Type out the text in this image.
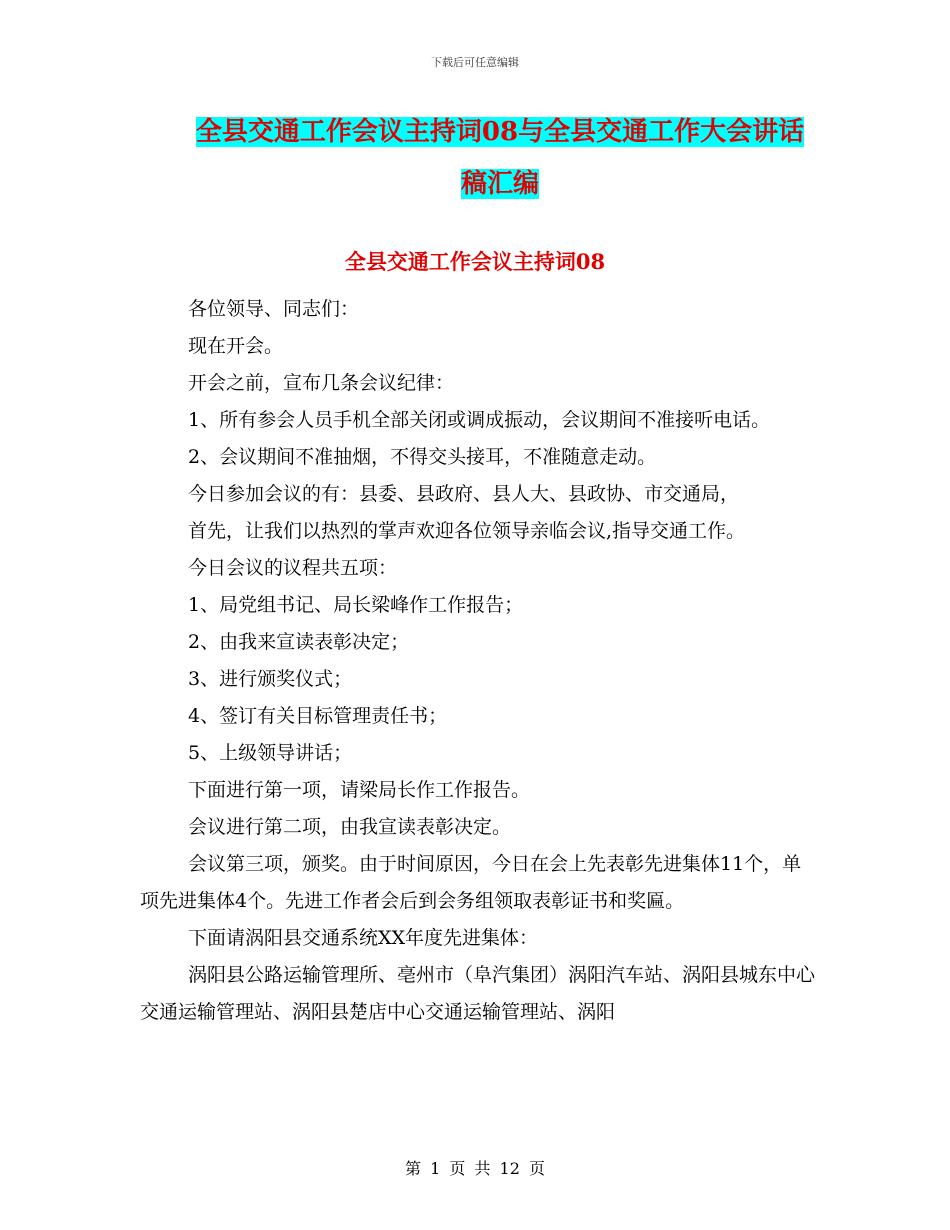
下载后可任意编辑
全县交通工作会议主持词08与全县交通工作大会讲话
稿汇编
全县交通工作会议主持词08

各位领导、同志们：

现在开会。

开会之前，宣布几条会议纪律：

1、所有参会人员手机全部关闭或调成振动，会议期间不准接听电话。

2、会议期间不准抽烟，不得交头接耳，不准随意走动。

今日参加会议的有：县委、县政府、县人大、县政协、市交通局，

首先，让我们以热烈的掌声欢迎各位领导亲临会议,指导交通工作。

今日会议的议程共五项：

1、局党组书记、局长梁峰作工作报告；

2、由我来宣读表彰决定；

3、进行颁奖仪式；

4、签订有关目标管理责任书；

5、上级领导讲话；

下面进行第一项，请梁局长作工作报告。

会议进行第二项，由我宣读表彰决定。

会议第三项，颁奖。由于时间原因，今日在会上先表彰先进集体11个，单项先进集体4个。先进工作者会后到会务组领取表彰证书和奖匾。

下面请涡阳县交通系统XX年度先进集体：

涡阳县公路运输管理所、亳州市（阜汽集团）涡阳汽车站、涡阳县城东中心交通运输管理站、涡阳县楚店中心交通运输管理站、涡阳

第 1 页 共 12 页
